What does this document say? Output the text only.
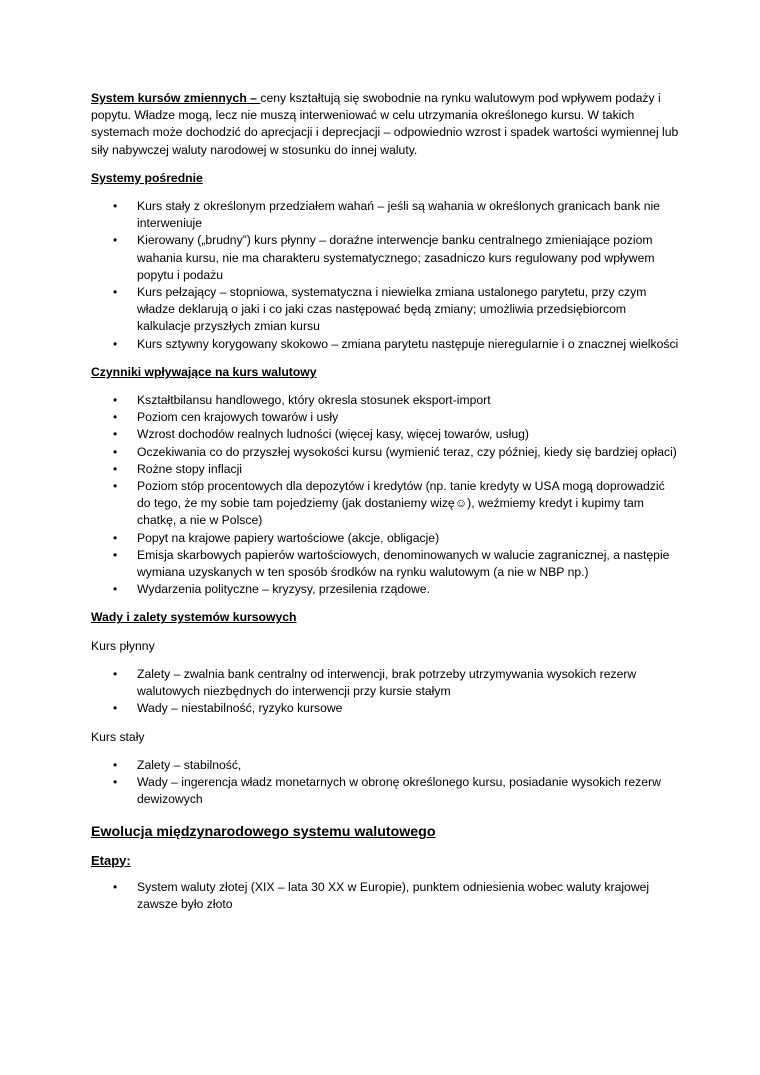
System kursów zmiennych – ceny kształtują się swobodnie na rynku walutowym pod wpływem podaży i popytu. Władze mogą, lecz nie muszą interweniować w celu utrzymania określonego kursu. W takich systemach może dochodzić do aprecjacji i deprecjacji – odpowiednio wzrost i spadek wartości wymiennej lub siły nabywczej waluty narodowej w stosunku do innej waluty.

Systemy pośrednie
• Kurs stały z określonym przedziałem wahań – jeśli są wahania w określonych granicach bank nie interweniuje
• Kierowany („brudny”) kurs płynny – doraźne interwencje banku centralnego zmieniające poziom wahania kursu, nie ma charakteru systematycznego; zasadniczo kurs regulowany pod wpływem popytu i podażu
• Kurs pełzający – stopniowa, systematyczna i niewielka zmiana ustalonego parytetu, przy czym władze deklarują o jaki i co jaki czas następować będą zmiany; umożliwia przedsiębiorcom kalkulacje przyszłych zmian kursu
• Kurs sztywny korygowany skokowo – zmiana parytetu następuje nieregularnie i o znacznej wielkości
Czynniki wpływające na kurs walutowy
• Kształtbilansu handlowego, który okresla stosunek eksport-import
• Poziom cen krajowych towarów i usły
• Wzrost dochodów realnych ludności (więcej kasy, więcej towarów, usług)
• Oczekiwania co do przyszłej wysokości kursu (wymienić teraz, czy później, kiedy się bardziej opłaci)
• Rożne stopy inflacji
• Poziom stóp procentowych dla depozytów i kredytów (np. tanie kredyty w USA mogą doprowadzić do tego, że my sobie tam pojedziemy (jak dostaniemy wizę☺), weźmiemy kredyt i kupimy tam chatkę, a nie w Polsce)
• Popyt na krajowe papiery wartościowe (akcje, obligacje)
• Emisja skarbowych papierów wartościowych, denominowanych w walucie zagranicznej, a następie wymiana uzyskanych w ten sposób środków na rynku walutowym (a nie w NBP np.)
• Wydarzenia polityczne – kryzysy, przesilenia rządowe.
Wady i zalety systemów kursowych

Kurs płynny

• Zalety – zwalnia bank centralny od interwencji, brak potrzeby utrzymywania wysokich rezerw walutowych niezbędnych do interwencji przy kursie stałym
• Wady – niestabilność, ryzyko kursowe

Kurs stały

• Zalety – stabilność,
• Wady – ingerencja władz monetarnych w obronę określonego kursu, posiadanie wysokich rezerw dewizowych
Ewolucja międzynarodowego systemu walutowego
Etapy:
• System waluty złotej (XIX – lata 30 XX w Europie), punktem odniesienia wobec waluty krajowej zawsze było złoto
